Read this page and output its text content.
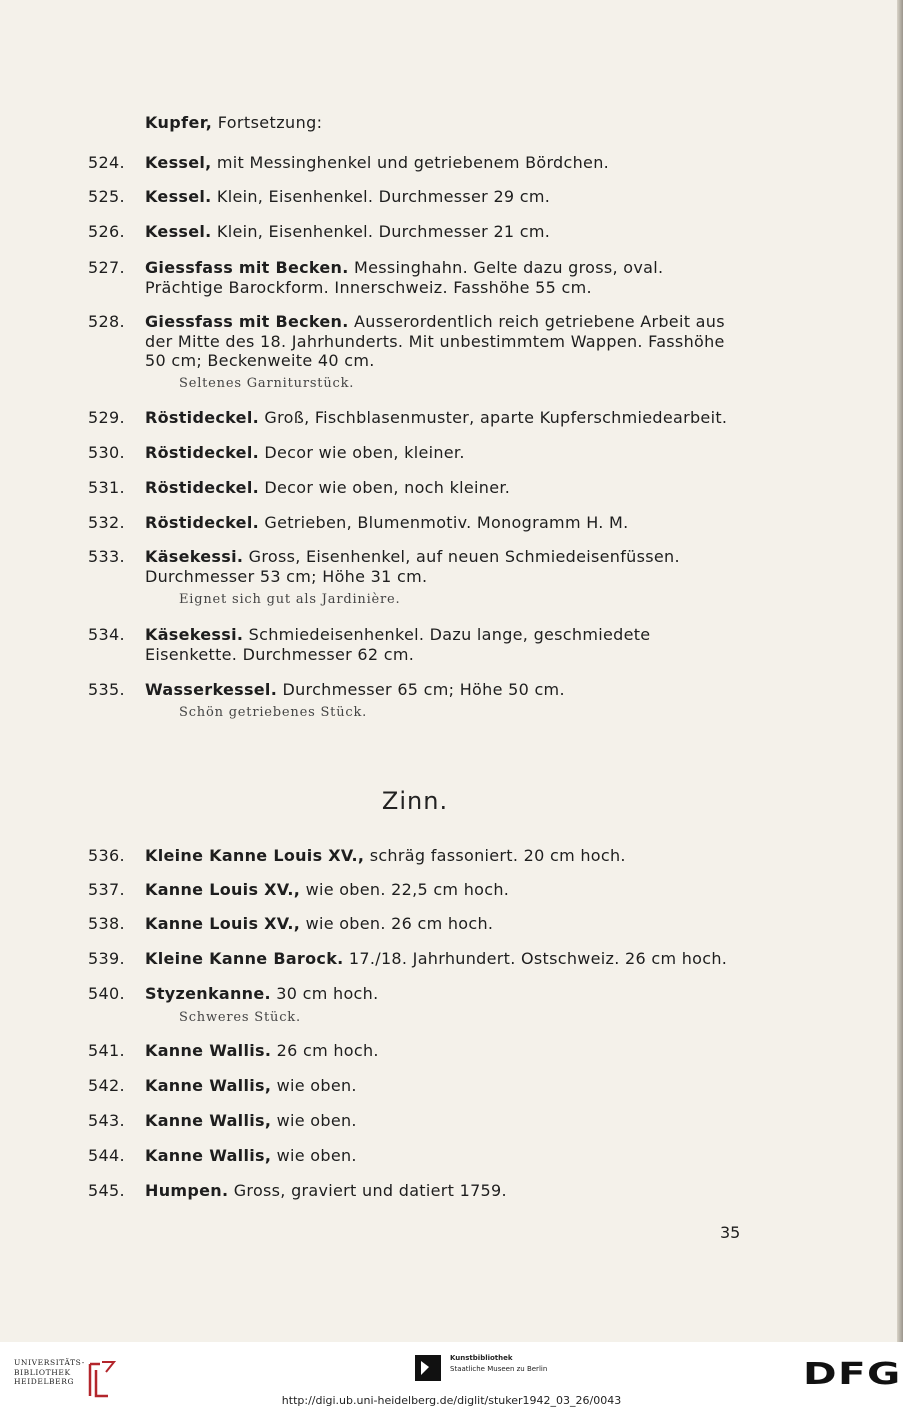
Kupfer, Fortsetzung:
524. Kessel, mit Messinghenkel und getriebenem Bördchen.
525. Kessel. Klein, Eisenhenkel. Durchmesser 29 cm.
526. Kessel. Klein, Eisenhenkel. Durchmesser 21 cm.
527. Giessfass mit Becken. Messinghahn. Gelte dazu gross, oval. Prächtige Barockform. Innerschweiz. Fasshöhe 55 cm.
528. Giessfass mit Becken. Ausserordentlich reich getriebene Arbeit aus der Mitte des 18. Jahrhunderts. Mit unbestimmtem Wappen. Fasshöhe 50 cm; Beckenweite 40 cm.
Seltenes Garniturstück.
529. Röstideckel. Groß, Fischblasenmuster, aparte Kupferschmiedearbeit.
530. Röstideckel. Decor wie oben, kleiner.
531. Röstideckel. Decor wie oben, noch kleiner.
532. Röstideckel. Getrieben, Blumenmotiv. Monogramm H. M.
533. Käsekessi. Gross, Eisenhenkel, auf neuen Schmiedeisenfüssen. Durchmesser 53 cm; Höhe 31 cm.
Eignet sich gut als Jardinière.
534. Käsekessi. Schmiedeisenhenkel. Dazu lange, geschmiedete Eisenkette. Durchmesser 62 cm.
535. Wasserkessel. Durchmesser 65 cm; Höhe 50 cm.
Schön getriebenes Stück.
Zinn.
536. Kleine Kanne Louis XV., schräg fassoniert. 20 cm hoch.
537. Kanne Louis XV., wie oben. 22,5 cm hoch.
538. Kanne Louis XV., wie oben. 26 cm hoch.
539. Kleine Kanne Barock. 17./18. Jahrhundert. Ostschweiz. 26 cm hoch.
540. Styzenkanne. 30 cm hoch.
Schweres Stück.
541. Kanne Wallis. 26 cm hoch.
542. Kanne Wallis, wie oben.
543. Kanne Wallis, wie oben.
544. Kanne Wallis, wie oben.
545. Humpen. Gross, graviert und datiert 1759.
35
UNIVERSITÄTS-
BIBLIOTHEK
HEIDELBERG
Kunstbibliothek
Staatliche Museen zu Berlin	DFG
http://digi.ub.uni-heidelberg.de/diglit/stuker1942_03_26/0043
